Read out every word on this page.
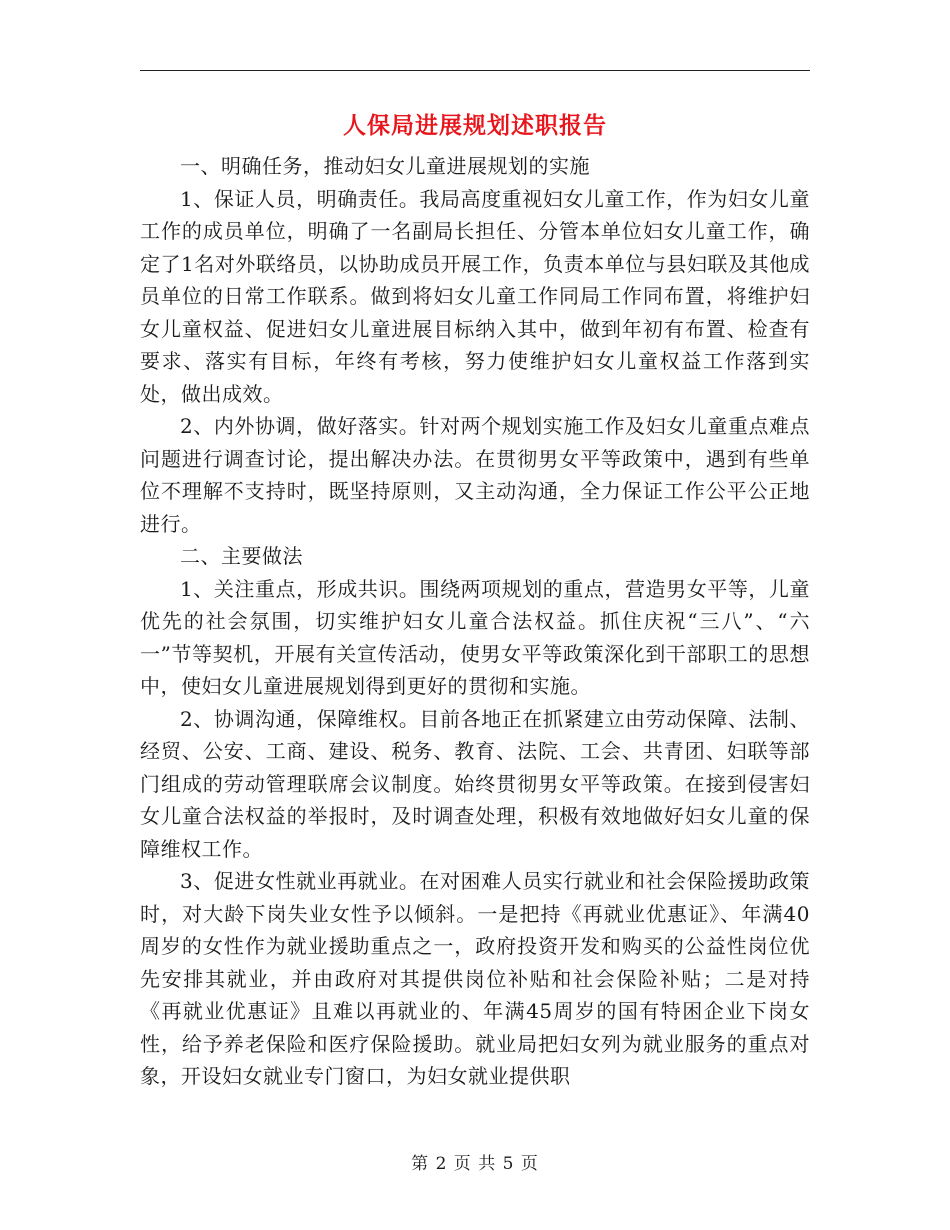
人保局进展规划述职报告

一、明确任务，推动妇女儿童进展规划的实施

1、保证人员，明确责任。我局高度重视妇女儿童工作，作为妇女儿童工作的成员单位，明确了一名副局长担任、分管本单位妇女儿童工作，确定了1名对外联络员，以协助成员开展工作，负责本单位与县妇联及其他成员单位的日常工作联系。做到将妇女儿童工作同局工作同布置，将维护妇女儿童权益、促进妇女儿童进展目标纳入其中，做到年初有布置、检查有要求、落实有目标，年终有考核，努力使维护妇女儿童权益工作落到实处，做出成效。

2、内外协调，做好落实。针对两个规划实施工作及妇女儿童重点难点问题进行调查讨论，提出解决办法。在贯彻男女平等政策中，遇到有些单位不理解不支持时，既坚持原则，又主动沟通，全力保证工作公平公正地进行。

二、主要做法

1、关注重点，形成共识。围绕两项规划的重点，营造男女平等，儿童优先的社会氛围，切实维护妇女儿童合法权益。抓住庆祝“三八”、“六一”节等契机，开展有关宣传活动，使男女平等政策深化到干部职工的思想中，使妇女儿童进展规划得到更好的贯彻和实施。

2、协调沟通，保障维权。目前各地正在抓紧建立由劳动保障、法制、经贸、公安、工商、建设、税务、教育、法院、工会、共青团、妇联等部门组成的劳动管理联席会议制度。始终贯彻男女平等政策。在接到侵害妇女儿童合法权益的举报时，及时调查处理，积极有效地做好妇女儿童的保障维权工作。

3、促进女性就业再就业。在对困难人员实行就业和社会保险援助政策时，对大龄下岗失业女性予以倾斜。一是把持《再就业优惠证》、年满40周岁的女性作为就业援助重点之一，政府投资开发和购买的公益性岗位优先安排其就业，并由政府对其提供岗位补贴和社会保险补贴；二是对持《再就业优惠证》且难以再就业的、年满45周岁的国有特困企业下岗女性，给予养老保险和医疗保险援助。就业局把妇女列为就业服务的重点对象，开设妇女就业专门窗口，为妇女就业提供职

第 2 页 共 5 页
